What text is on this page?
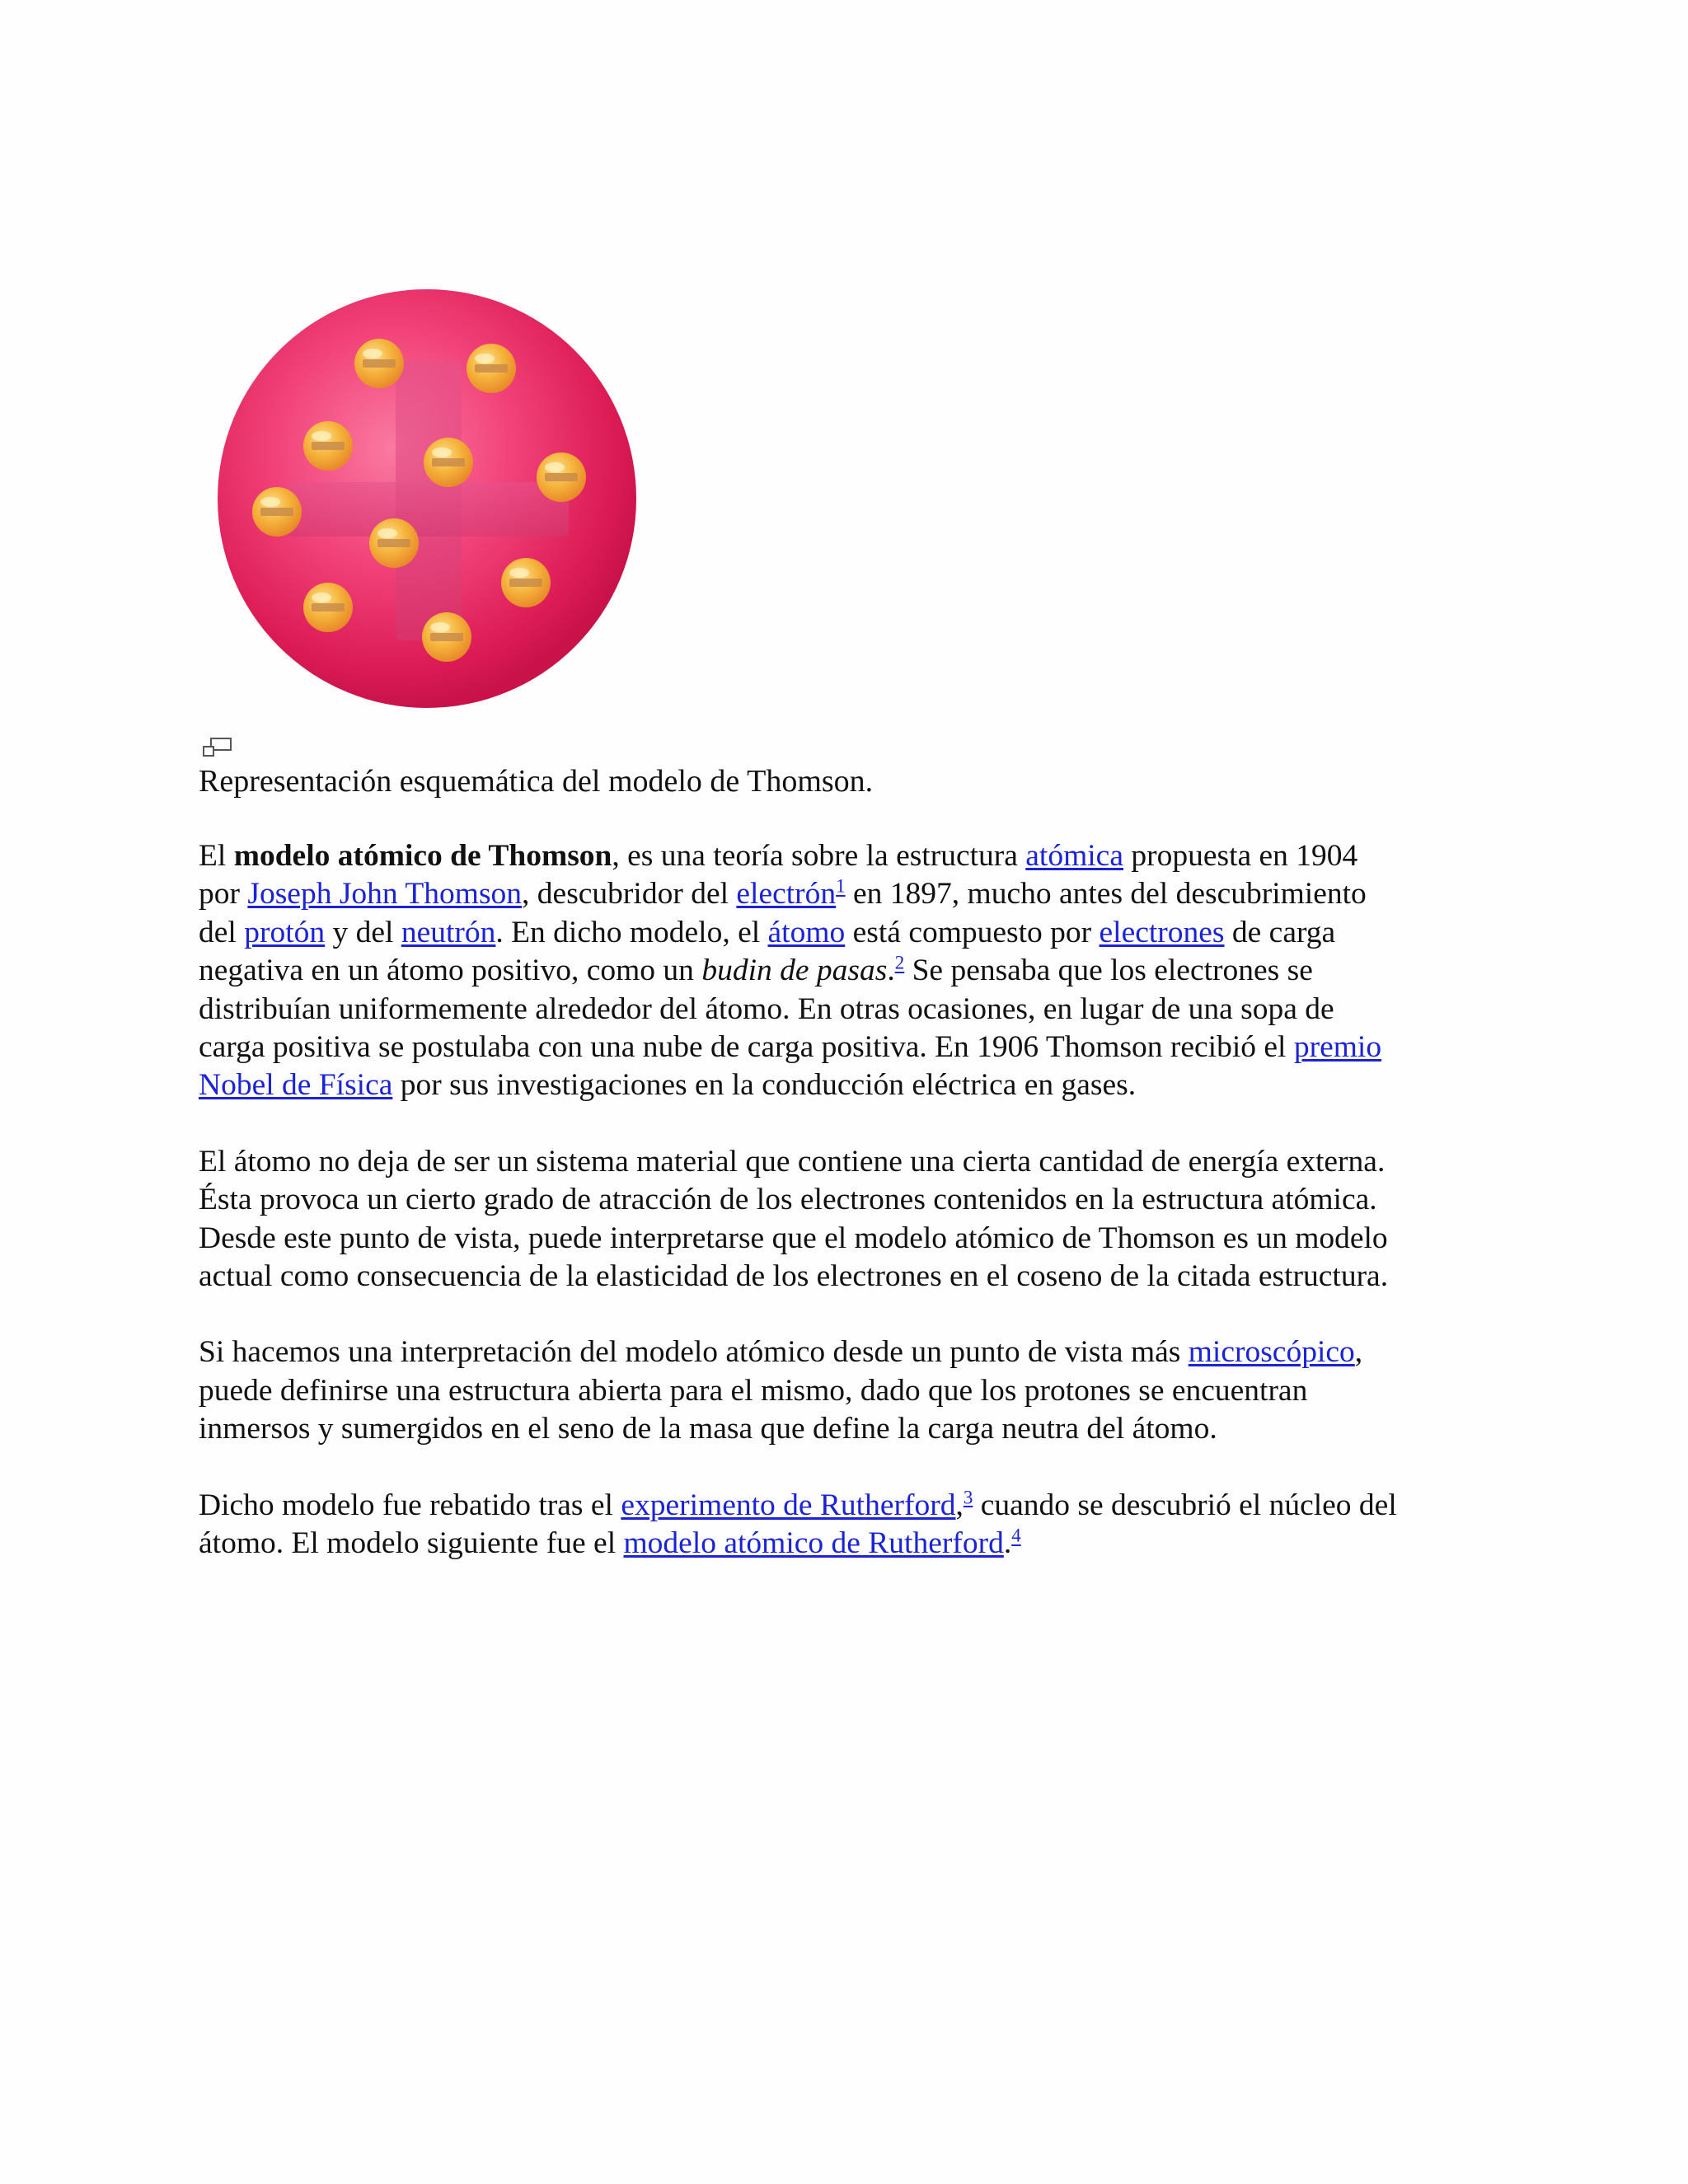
Representación esquemática del modelo de Thomson.

El modelo atómico de Thomson, es una teoría sobre la estructura atómica propuesta en 1904
por Joseph John Thomson, descubridor del electrón$^1$ en 1897, mucho antes del descubrimiento
del protón y del neutrón. En dicho modelo, el átomo está compuesto por electrones de carga
negativa en un átomo positivo, como un budin de pasas.$^2$ Se pensaba que los electrones se
distribuían uniformemente alrededor del átomo. En otras ocasiones, en lugar de una sopa de
carga positiva se postulaba con una nube de carga positiva. En 1906 Thomson recibió el premio
Nobel de Física por sus investigaciones en la conducción eléctrica en gases.

El átomo no deja de ser un sistema material que contiene una cierta cantidad de energía externa.
Ésta provoca un cierto grado de atracción de los electrones contenidos en la estructura atómica.
Desde este punto de vista, puede interpretarse que el modelo atómico de Thomson es un modelo
actual como consecuencia de la elasticidad de los electrones en el coseno de la citada estructura.

Si hacemos una interpretación del modelo atómico desde un punto de vista más microscópico,
puede definirse una estructura abierta para el mismo, dado que los protones se encuentran
inmersos y sumergidos en el seno de la masa que define la carga neutra del átomo.

Dicho modelo fue rebatido tras el experimento de Rutherford,$^3$ cuando se descubrió el núcleo del
átomo. El modelo siguiente fue el modelo atómico de Rutherford.$^4$
